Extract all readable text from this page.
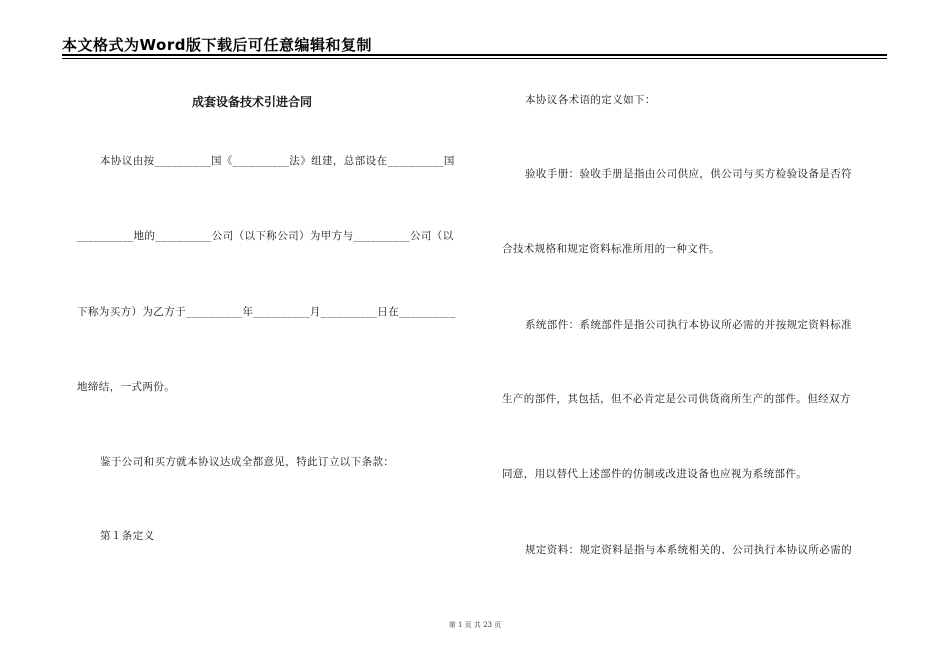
本文格式为Word版下载后可任意编辑和复制
成套设备技术引进合同
本协议由按__________国《__________法》组建，总部设在__________国
__________地的__________公司（以下称公司）为甲方与__________公司（以
下称为买方）为乙方于__________年__________月__________日在__________
地缔结，一式两份。
鉴于公司和买方就本协议达成全都意见，特此订立以下条款：
第１条定义
本协议各术语的定义如下：
验收手册：验收手册是指由公司供应，供公司与买方检验设备是否符
合技术规格和规定资料标准所用的一种文件。
系统部件：系统部件是指公司执行本协议所必需的并按规定资料标准
生产的部件，其包括，但不必肯定是公司供货商所生产的部件。但经双方
同意，用以替代上述部件的仿制或改进设备也应视为系统部件。
规定资料：规定资料是指与本系统相关的、公司执行本协议所必需的
第 1 页 共 23 页
